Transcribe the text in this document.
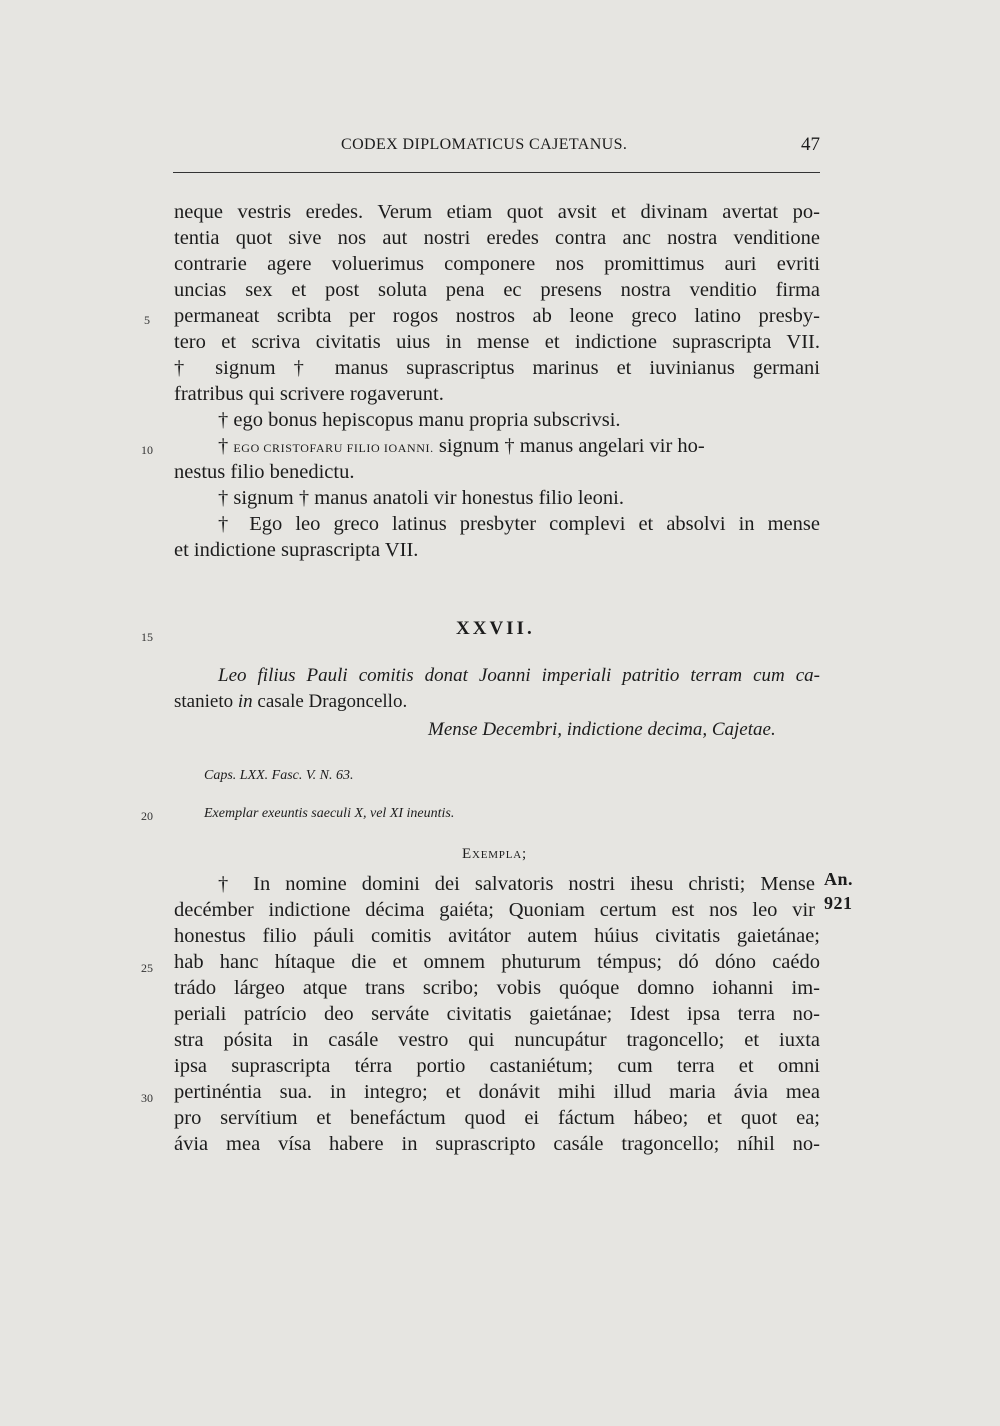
CODEX DIPLOMATICUS CAJETANUS.	47
5
10
15
20
25
30
neque vestris eredes. Verum etiam quot avsit et divinam avertat po-
tentia quot sive nos aut nostri eredes contra anc nostra venditione
contrarie agere voluerimus componere nos promittimus auri evriti
uncias sex et post soluta pena ec presens nostra venditio firma
permaneat scribta per rogos nostros ab leone greco latino presby-
tero et scriva civitatis uius in mense et indictione suprascripta VII.
† signum † manus suprascriptus marinus et iuvinianus germani
fratribus qui scrivere rogaverunt.
† ego bonus hepiscopus manu propria subscrivsi.
† EGO CRISTOFARU FILIO IOANNI. signum † manus angelari vir ho-
nestus filio benedictu.
† signum † manus anatoli vir honestus filio leoni.
† Ego leo greco latinus presbyter complevi et absolvi in mense
et indictione suprascripta VII.
XXVII.
Leo filius Pauli comitis donat Joanni imperiali patritio terram cum ca-
stanieto in casale Dragoncello.
Mense Decembri, indictione decima, Cajetae.
Caps. LXX. Fasc. V. N. 63.
Exemplar exeuntis saeculi X, vel XI ineuntis.
Exempla;
An.
921
† In nomine domini dei salvatoris nostri ihesu christi; Mense
decémber indictione décima gaiéta; Quoniam certum est nos leo vir
honestus filio páuli comitis avitátor autem húius civitatis gaietánae;
hab hanc hítaque die et omnem phuturum témpus; dó dóno caédo
trádo lárgeo atque trans scribo; vobis quóque domno iohanni im-
periali patrício deo serváte civitatis gaietánae; Idest ipsa terra no-
stra pósita in casále vestro qui nuncupátur tragoncello; et iuxta
ipsa suprascripta térra portio castaniétum; cum terra et omni
pertinéntia sua. in integro; et donávit mihi illud maria ávia mea
pro servítium et benefáctum quod ei fáctum hábeo; et quot ea;
ávia mea vísa habere in suprascripto casále tragoncello; níhil no-
